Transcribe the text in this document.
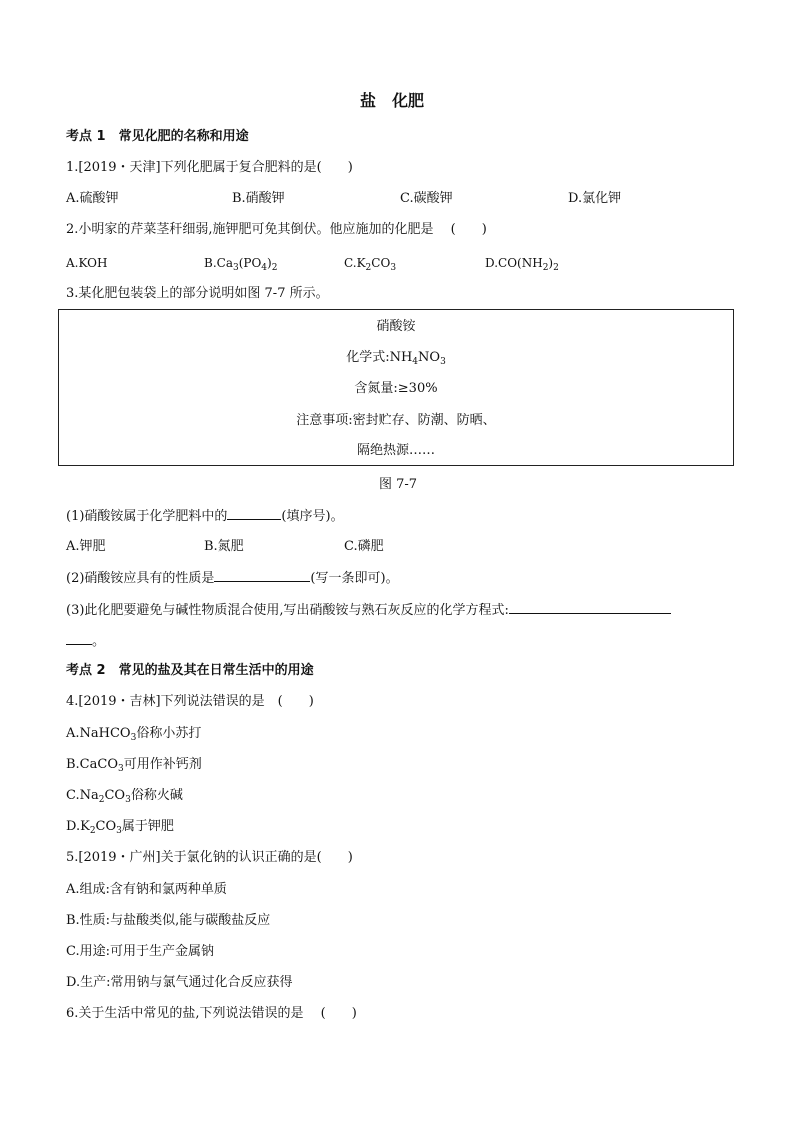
盐　化肥
考点 1　常见化肥的名称和用途
1.[2019・天津]下列化肥属于复合肥料的是(　　)
A.硫酸钾	B.硝酸钾	C.碳酸钾	D.氯化钾
2.小明家的芹菜茎秆细弱,施钾肥可免其倒伏。他应施加的化肥是　 (　　)
A.KOH	$B.Ca_3(PO_4)_2$	$C.K_2CO_3$	$D.CO(NH_2)_2$
3.某化肥包装袋上的部分说明如图 7-7 所示。
硝酸铵
化学式$:NH_4NO_3$
含氮量:≥30%
注意事项:密封贮存、防潮、防晒、
隔绝热源……
图 7-7
(1)硝酸铵属于化学肥料中的	(填序号)。
A.钾肥	B.氮肥	C.磷肥
(2)硝酸铵应具有的性质是	(写一条即可)。
(3)此化肥要避免与碱性物质混合使用,写出硝酸铵与熟石灰反应的化学方程式:
。
考点 2　常见的盐及其在日常生活中的用途
4.[2019・吉林]下列说法错误的是　(　　)
A.NaHCO$_3$俗称小苏打
B.CaCO$_3$可用作补钙剂
$C.Na_2CO_3$俗称火碱
$D.K_2CO_3$属于钾肥
5.[2019・广州]关于氯化钠的认识正确的是(　　)
A.组成:含有钠和氯两种单质
B.性质:与盐酸类似,能与碳酸盐反应
C.用途:可用于生产金属钠
D.生产:常用钠与氯气通过化合反应获得
6.关于生活中常见的盐,下列说法错误的是　 (　　)
